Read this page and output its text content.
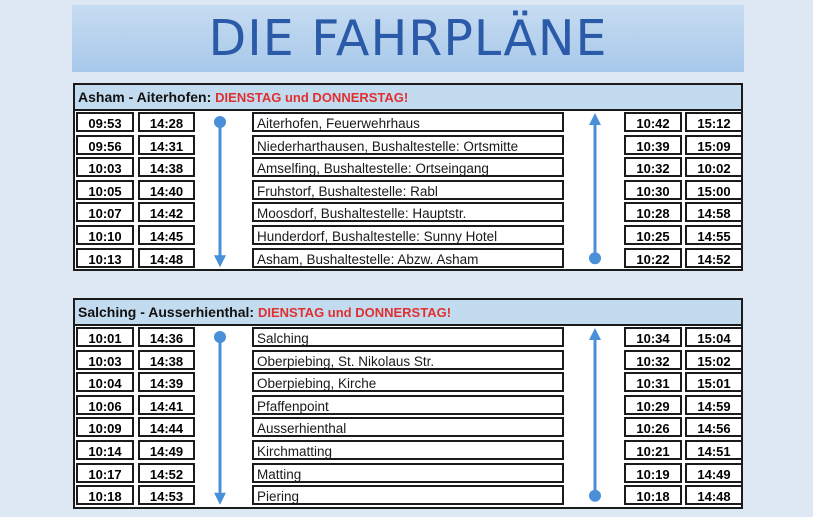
DIE FAHRPLÄNE
Asham - Aiterhofen: DIENSTAG und DONNERSTAG!
09:53	14:28	Aiterhofen, Feuerwehrhaus	10:42	15:12
09:56	14:31	Niederharthausen, Bushaltestelle: Ortsmitte	10:39	15:09
10:03	14:38	Amselfing, Bushaltestelle: Ortseingang	10:32	10:02
10:05	14:40	Fruhstorf, Bushaltestelle: Rabl	10:30	15:00
10:07	14:42	Moosdorf, Bushaltestelle: Hauptstr.	10:28	14:58
10:10	14:45	Hunderdorf, Bushaltestelle: Sunny Hotel	10:25	14:55
10:13	14:48	Asham, Bushaltestelle: Abzw. Asham	10:22	14:52
Salching - Ausserhienthal: DIENSTAG und DONNERSTAG!
10:01	14:36	Salching	10:34	15:04
10:03	14:38	Oberpiebing, St. Nikolaus Str.	10:32	15:02
10:04	14:39	Oberpiebing, Kirche	10:31	15:01
10:06	14:41	Pfaffenpoint	10:29	14:59
10:09	14:44	Ausserhienthal	10:26	14:56
10:14	14:49	Kirchmatting	10:21	14:51
10:17	14:52	Matting	10:19	14:49
10:18	14:53	Piering	10:18	14:48
